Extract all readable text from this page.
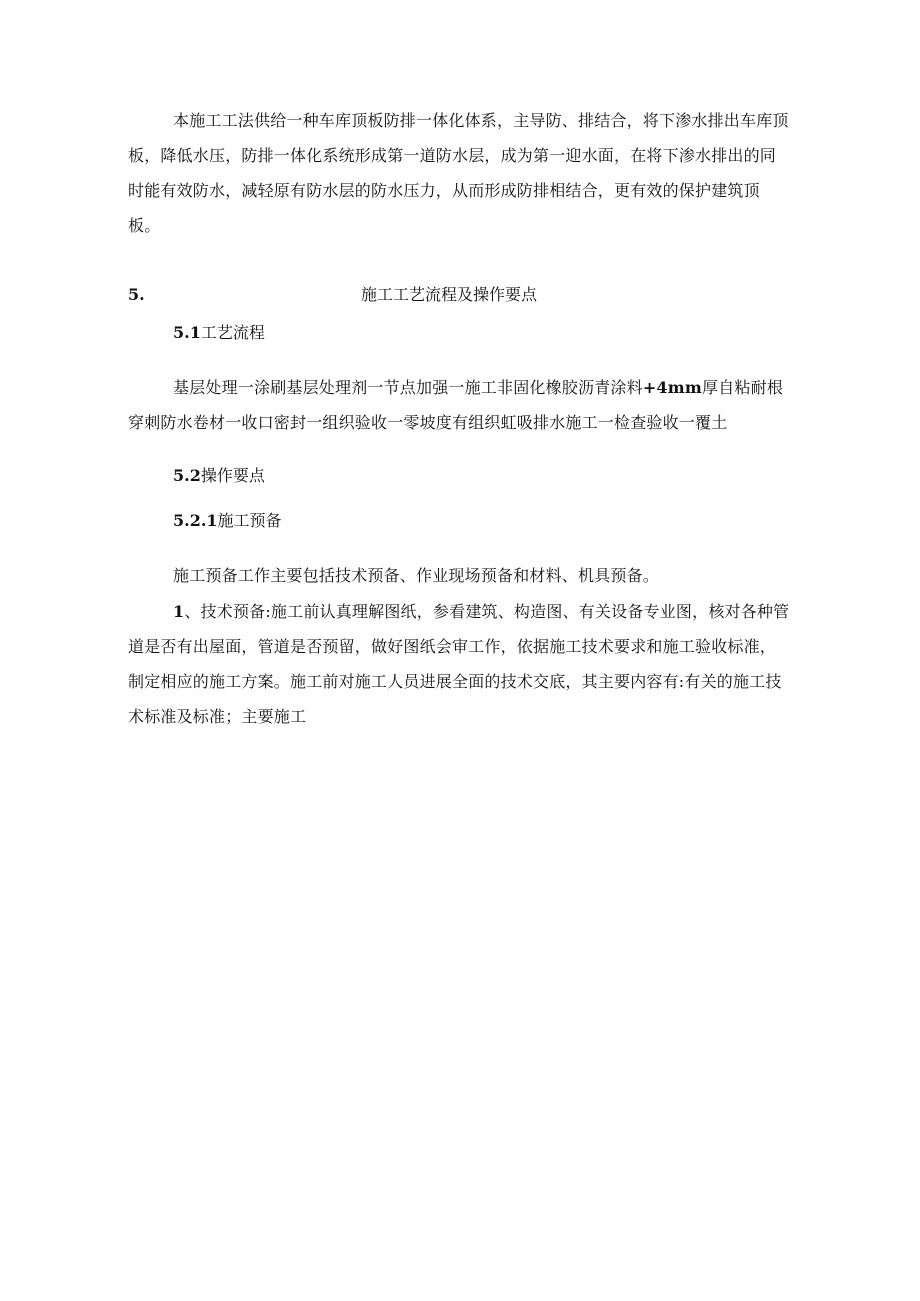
本施工工法供给一种车库顶板防排一体化体系，主导防、排结合，将下渗水排出车库顶板，降低水压，防排一体化系统形成第一道防水层，成为第一迎水面，在将下渗水排出的同时能有效防水，减轻原有防水层的防水压力，从而形成防排相结合，更有效的保护建筑顶板。

5.	施工工艺流程及操作要点

5.1工艺流程

基层处理一涂刷基层处理剂一节点加强一施工非固化橡胶沥青涂料+4mm厚自粘耐根穿刺防水卷材一收口密封一组织验收一零坡度有组织虹吸排水施工一检查验收一覆土

5.2操作要点

5.2.1施工预备

施工预备工作主要包括技术预备、作业现场预备和材料、机具预备。

1、技术预备:施工前认真理解图纸，参看建筑、构造图、有关设备专业图，核对各种管道是否有出屋面，管道是否预留，做好图纸会审工作，依据施工技术要求和施工验收标准，制定相应的施工方案。施工前对施工人员进展全面的技术交底，其主要内容有:有关的施工技术标准及标准；主要施工
